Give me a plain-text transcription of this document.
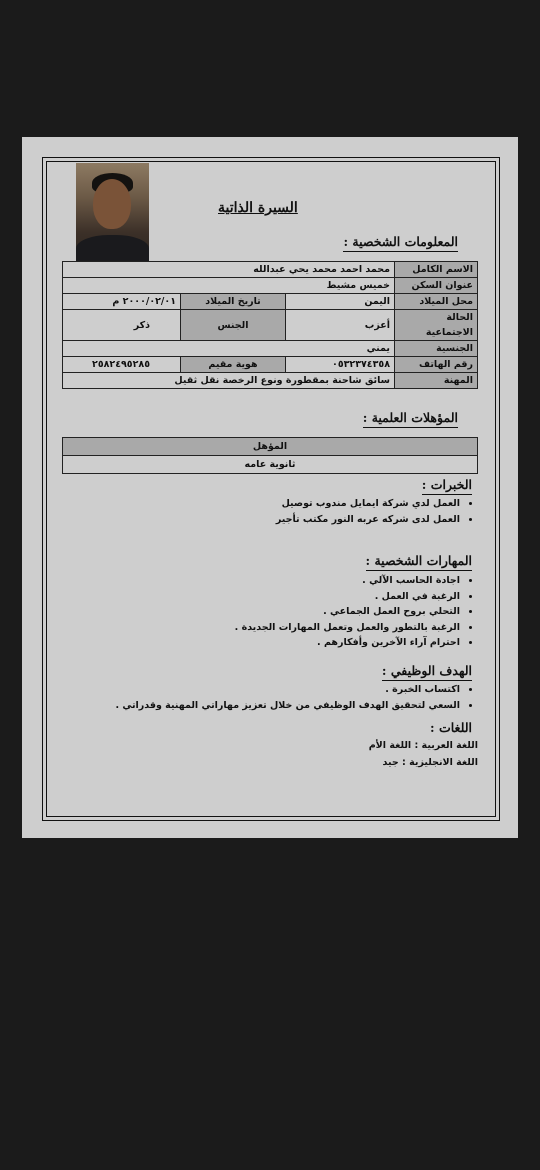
السيرة الذاتية
المعلومات الشخصية :
الاسم الكامل	محمد احمد محمد يحي عبدالله		
عنوان السكن	خميس مشيط		
محل الميلاد	اليمن	تاريخ الميلاد	٢٠٠٠/٠٢/٠١ م
الحالة الاجتماعية	أعزب	الجنس	ذكر
الجنسية	يمني		
رقم الهاتف	٠٥٣٢٣٧٤٣٥٨	هوية مقيم	٢٥٨٢٤٩٥٢٨٥
المهنة	سائق شاحنة بمقطورة ونوع الرخصة نقل ثقيل		
المؤهلات العلمية :
المؤهل
ثانوية عامه
الخبرات :
• العمل لدي شركة ايمايل مندوب توصيل
• العمل لدى شركه عربه النور مكتب تأجير
المهارات الشخصية :
• اجادة الحاسب الآلي .
• الرغبة في العمل .
• التحلي بروح العمل الجماعي .
• الرغبة بالتطور والعمل وتعمل المهارات الجديدة .
• احترام آراء الآخرين وأفكارهم .
الهدف الوظيفي :
• اكتساب الخبرة .
• السعي لتحقيق الهدف الوظيفي من خلال تعزيز مهاراتي المهنية وقدراتي .
اللغات :
اللغة العربية : اللغة الأم
اللغة الانجليزية : جيد
